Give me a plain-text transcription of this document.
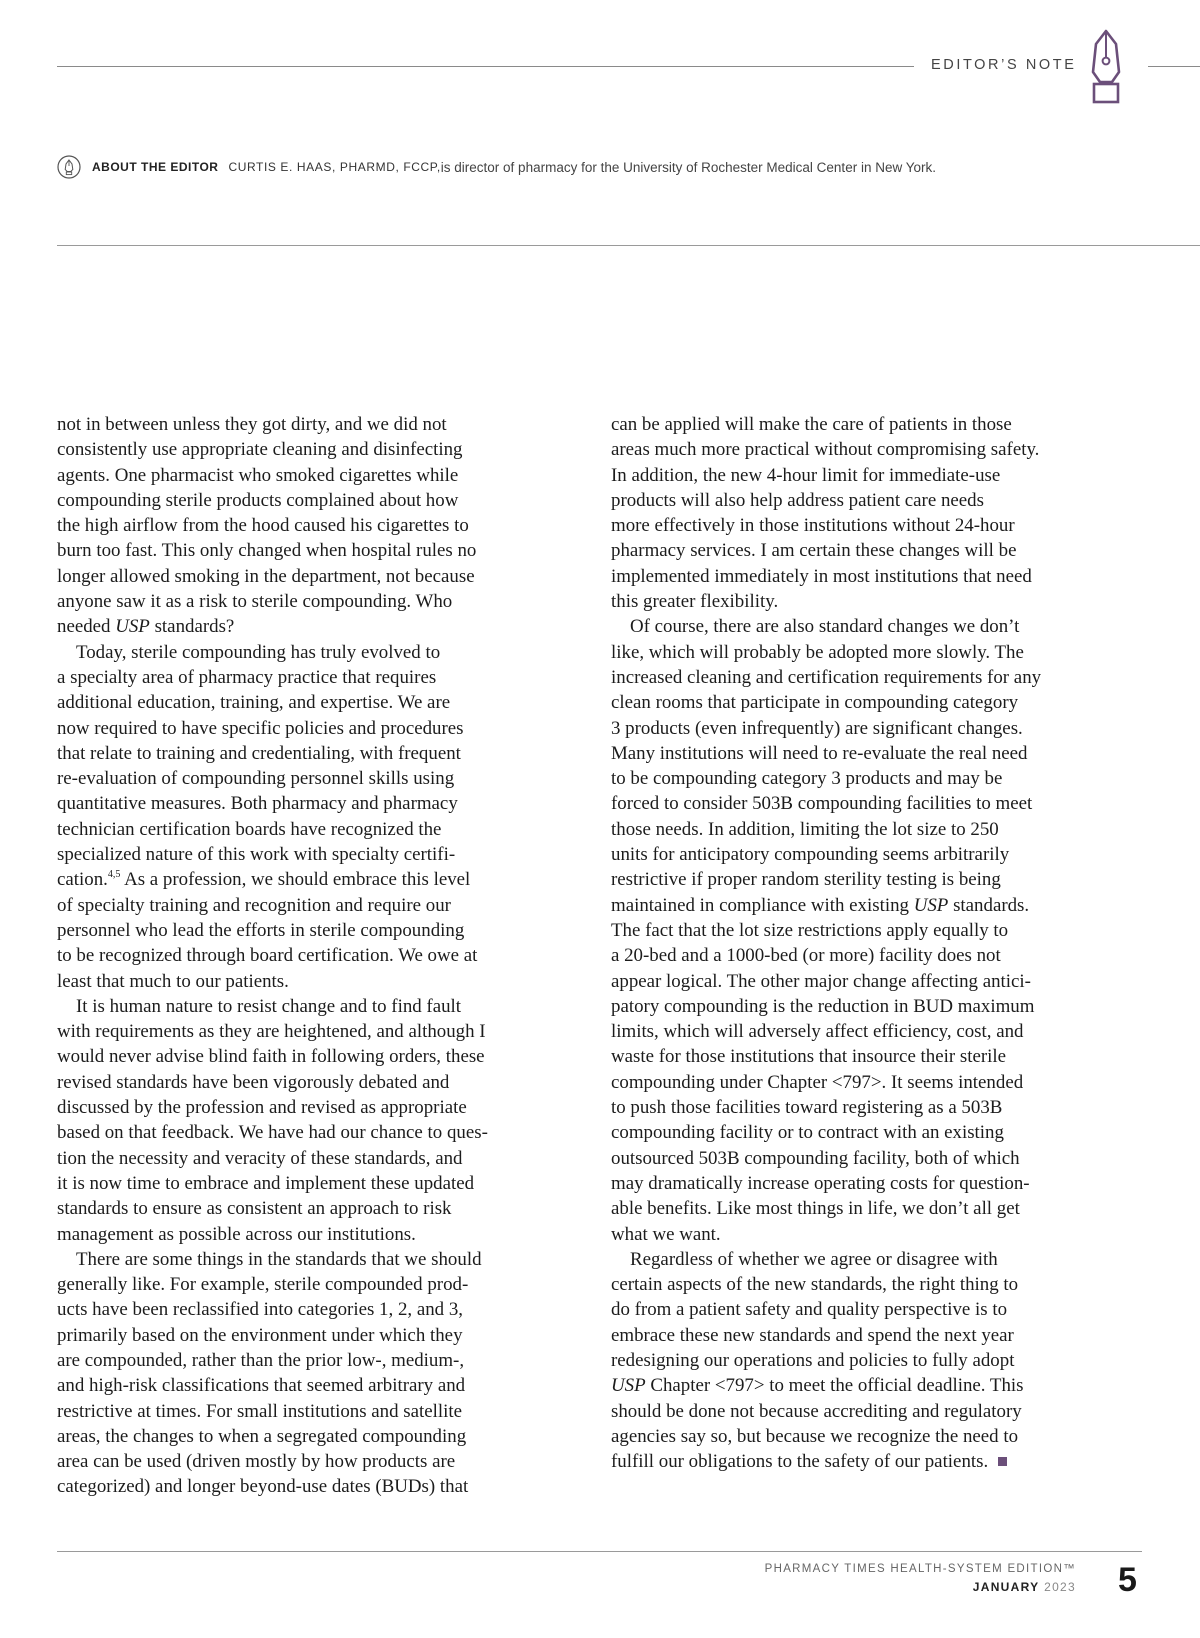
EDITOR’S NOTE
ABOUT THE EDITOR CURTIS E. HAAS, PHARMD, FCCP, is director of pharmacy for the University of Rochester Medical Center in New York.
not in between unless they got dirty, and we did not
consistently use appropriate cleaning and disinfecting
agents. One pharmacist who smoked cigarettes while
compounding sterile products complained about how
the high airflow from the hood caused his cigarettes to
burn too fast. This only changed when hospital rules no
longer allowed smoking in the department, not because
anyone saw it as a risk to sterile compounding. Who
needed USP standards?
Today, sterile compounding has truly evolved to
a specialty area of pharmacy practice that requires
additional education, training, and expertise. We are
now required to have specific policies and procedures
that relate to training and credentialing, with frequent
re-evaluation of compounding personnel skills using
quantitative measures. Both pharmacy and pharmacy
technician certification boards have recognized the
specialized nature of this work with specialty certifi-
cation.$^{4,5}$ As a profession, we should embrace this level
of specialty training and recognition and require our
personnel who lead the efforts in sterile compounding
to be recognized through board certification. We owe at
least that much to our patients.
It is human nature to resist change and to find fault
with requirements as they are heightened, and although I
would never advise blind faith in following orders, these
revised standards have been vigorously debated and
discussed by the profession and revised as appropriate
based on that feedback. We have had our chance to ques-
tion the necessity and veracity of these standards, and
it is now time to embrace and implement these updated
standards to ensure as consistent an approach to risk
management as possible across our institutions.
There are some things in the standards that we should
generally like. For example, sterile compounded prod-
ucts have been reclassified into categories 1, 2, and 3,
primarily based on the environment under which they
are compounded, rather than the prior low-, medium-,
and high-risk classifications that seemed arbitrary and
restrictive at times. For small institutions and satellite
areas, the changes to when a segregated compounding
area can be used (driven mostly by how products are
categorized) and longer beyond-use dates (BUDs) that
can be applied will make the care of patients in those
areas much more practical without compromising safety.
In addition, the new 4-hour limit for immediate-use
products will also help address patient care needs
more effectively in those institutions without 24-hour
pharmacy services. I am certain these changes will be
implemented immediately in most institutions that need
this greater flexibility.
Of course, there are also standard changes we don’t
like, which will probably be adopted more slowly. The
increased cleaning and certification requirements for any
clean rooms that participate in compounding category
3 products (even infrequently) are significant changes.
Many institutions will need to re-evaluate the real need
to be compounding category 3 products and may be
forced to consider 503B compounding facilities to meet
those needs. In addition, limiting the lot size to 250
units for anticipatory compounding seems arbitrarily
restrictive if proper random sterility testing is being
maintained in compliance with existing USP standards.
The fact that the lot size restrictions apply equally to
a 20-bed and a 1000-bed (or more) facility does not
appear logical. The other major change affecting antici-
patory compounding is the reduction in BUD maximum
limits, which will adversely affect efficiency, cost, and
waste for those institutions that insource their sterile
compounding under Chapter <797>. It seems intended
to push those facilities toward registering as a 503B
compounding facility or to contract with an existing
outsourced 503B compounding facility, both of which
may dramatically increase operating costs for question-
able benefits. Like most things in life, we don’t all get
what we want.
Regardless of whether we agree or disagree with
certain aspects of the new standards, the right thing to
do from a patient safety and quality perspective is to
embrace these new standards and spend the next year
redesigning our operations and policies to fully adopt
USP Chapter <797> to meet the official deadline. This
should be done not because accrediting and regulatory
agencies say so, but because we recognize the need to
fulfill our obligations to the safety of our patients.
PHARMACY TIMES HEALTH-SYSTEM EDITION™
JANUARY 2023 5
